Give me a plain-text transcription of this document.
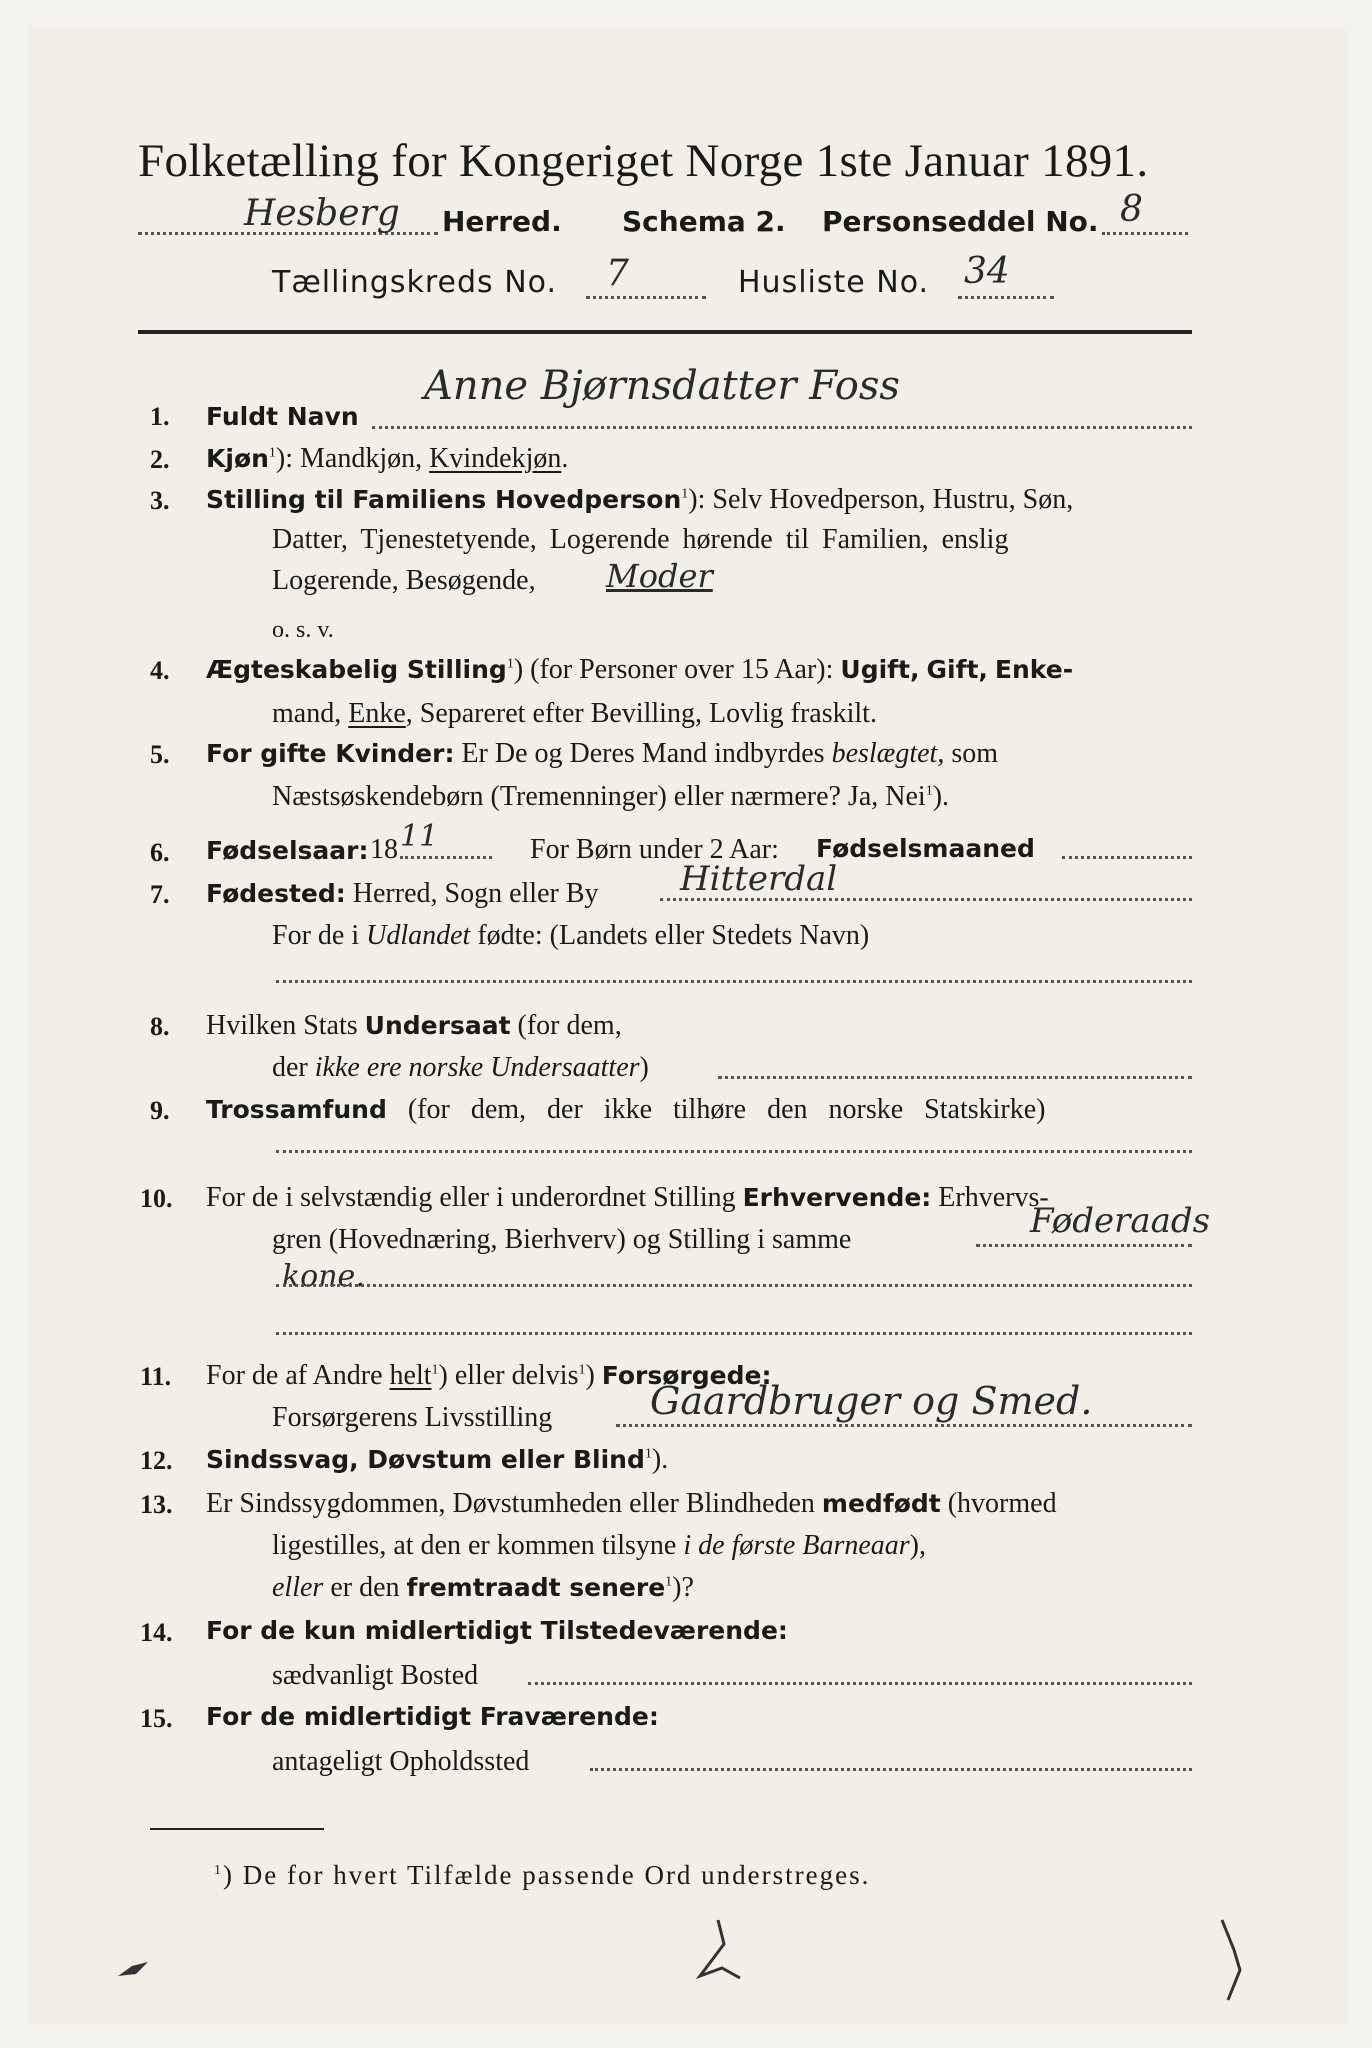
Folketælling for Kongeriget Norge 1ste Januar 1891.
Hesberg Herred. Schema 2. Personseddel No. 8
Tællingskreds No. 7	Husliste No. 34
1. Fuldt Navn
Anne Bjørnsdatter Foss
2. Kjøn$^1$): Mandkjøn, Kvindekjøn.
3. Stilling til Familiens Hovedperson$^1$): Selv Hovedperson, Hustru, Søn,
Datter, Tjenestetyende, Logerende hørende til Familien, enslig
Logerende, Besøgende, Moder
o. s. v.
4. Ægteskabelig Stilling$^1$) (for Personer over 15 Aar): Ugift, Gift, Enke-
mand, Enke, Separeret efter Bevilling, Lovlig fraskilt.
5. For gifte Kvinder: Er De og Deres Mand indbyrdes beslægtet, som
Næstsøskendebørn (Tremenninger) eller nærmere? Ja, Nei$^1$).
6. Fødselsaar: 18 11	For Børn under 2 Aar: Fødselsmaaned
7. Fødested: Herred, Sogn eller By Hitterdal
For de i Udlandet fødte: (Landets eller Stedets Navn)
8. Hvilken Stats Undersaat (for dem,
der ikke ere norske Undersaatter)
9. Trossamfund (for dem, der ikke tilhøre den norske Statskirke)
10. For de i selvstændig eller i underordnet Stilling Erhvervende: Erhvervs-
gren (Hovednæring, Bierhverv) og Stilling i samme	Føderaads
kone.
11. For de af Andre helt$^1$) eller delvis$^1$) Forsørgede:
Forsørgerens Livsstilling	Gaardbruger og Smed.
12. Sindssvag, Døvstum eller Blind$^1$).
13. Er Sindssygdommen, Døvstumheden eller Blindheden medfødt (hvormed
ligestilles, at den er kommen tilsyne i de første Barneaar),
eller er den fremtraadt senere$^1$)?
14. For de kun midlertidigt Tilstedeværende:
sædvanligt Bosted
15. For de midlertidigt Fraværende:
antageligt Opholdssted
$^1$) De for hvert Tilfælde passende Ord understreges.
